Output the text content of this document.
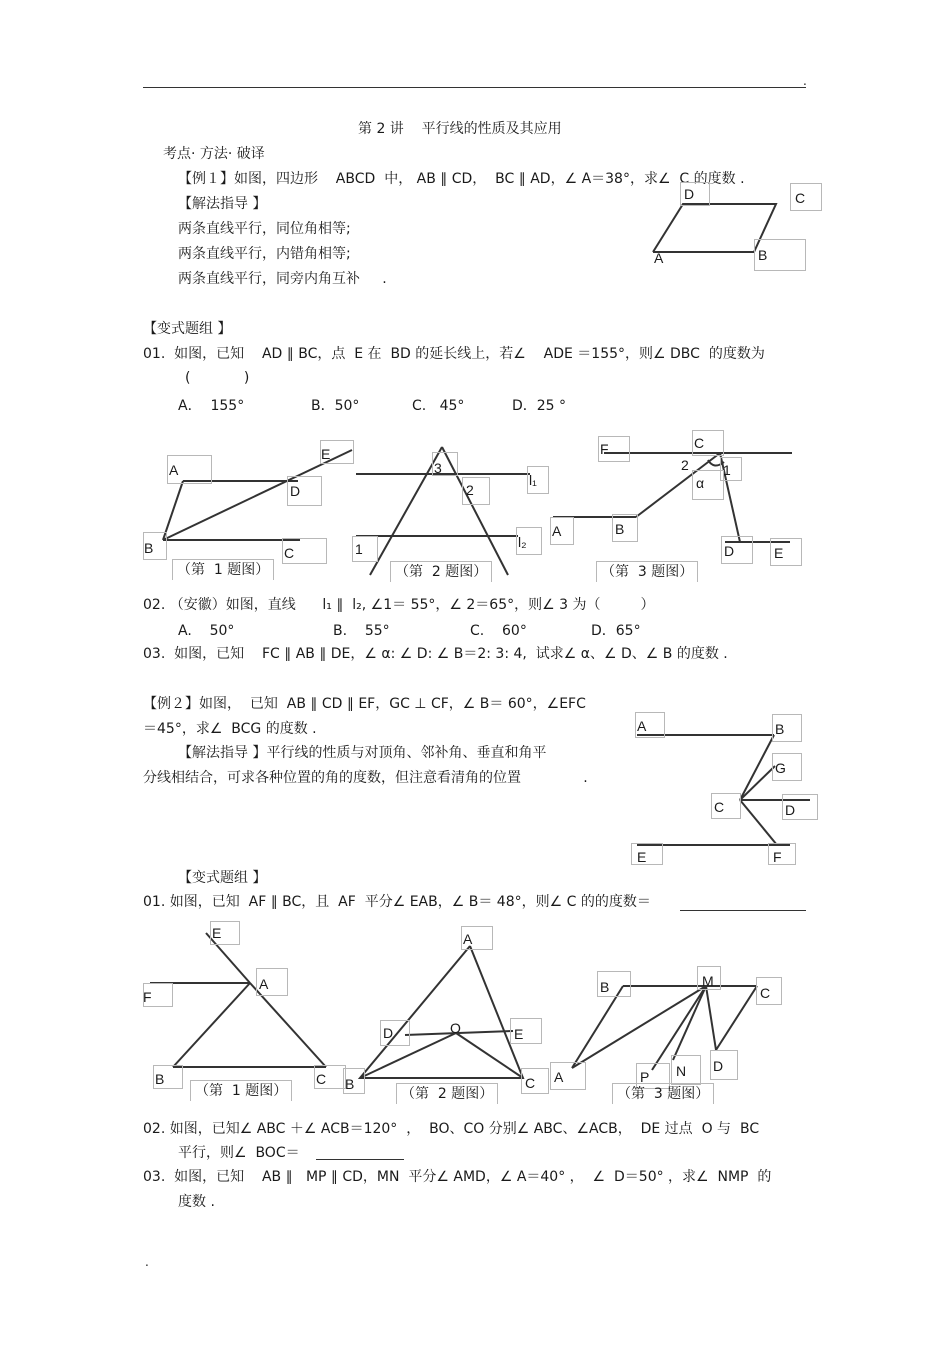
.
第 2 讲    平行线的性质及其应用
考点· 方法· 破译
【例１】如图，四边形    ABCD  中， AB ∥ CD，  BC ∥ AD，∠ A＝38°，求∠  C 的度数 .
【解法指导 】
两条直线平行，同位角相等;
两条直线平行，内错角相等;
两条直线平行，同旁内角互补     .
D	C
A	B
【变式题组 】
01.  如图，已知    AD ∥ BC，点  E 在  BD 的延长线上，若∠    ADE ＝155°，则∠ DBC  的度数为
(            )
A．  155°	B．50°	C.   45°	D．25 °
A
E
D
B	C
（第  1 题图）
3
2
l₁
l₂
1
（第  2 题图）
F	C
2 1
α
A	B
D	E
（第  3 题图）
02. （安徽）如图，直线      l₁ ∥  l₂, ∠1＝ 55°，∠ 2＝65°，则∠ 3 为（         ）
A.    50°	B.    55°	C.    60°	D．65°
03.  如图，已知    FC ∥ AB ∥ DE，∠ α: ∠ D: ∠ B＝2: 3: 4,  试求∠ α、∠ D、∠ B 的度数 .
【例２】如图，  已知  AB ∥ CD ∥ EF，GC ⊥ CF，∠ B＝ 60°，∠EFC
＝45°，求∠  BCG 的度数 .
【解法指导 】平行线的性质与对顶角、邻补角、垂直和角平
分线相结合，可求各种位置的角的度数，但注意看清角的位置              .
A	B
G
C	D
E	F
【变式题组 】
01. 如图，已知  AF ∥ BC，且  AF  平分∠ EAB，∠ B＝ 48°，则∠ C 的的度数＝
E
A
F
B	C
（第  1 题图）
A
D	O	E
B	C
（第  2 题图）
B	M
C
A	P N D
（第  3 题图）
02. 如图，已知∠ ABC ＋∠ ACB＝120°  ，  BO、CO 分别∠ ABC、∠ACB，  DE 过点  O 与  BC
平行，则∠  BOC＝
03.  如图，已知    AB ∥   MP ∥ CD，MN  平分∠ AMD，∠ A＝40° ，  ∠  D＝50° ，求∠  NMP  的
度数 .
.
